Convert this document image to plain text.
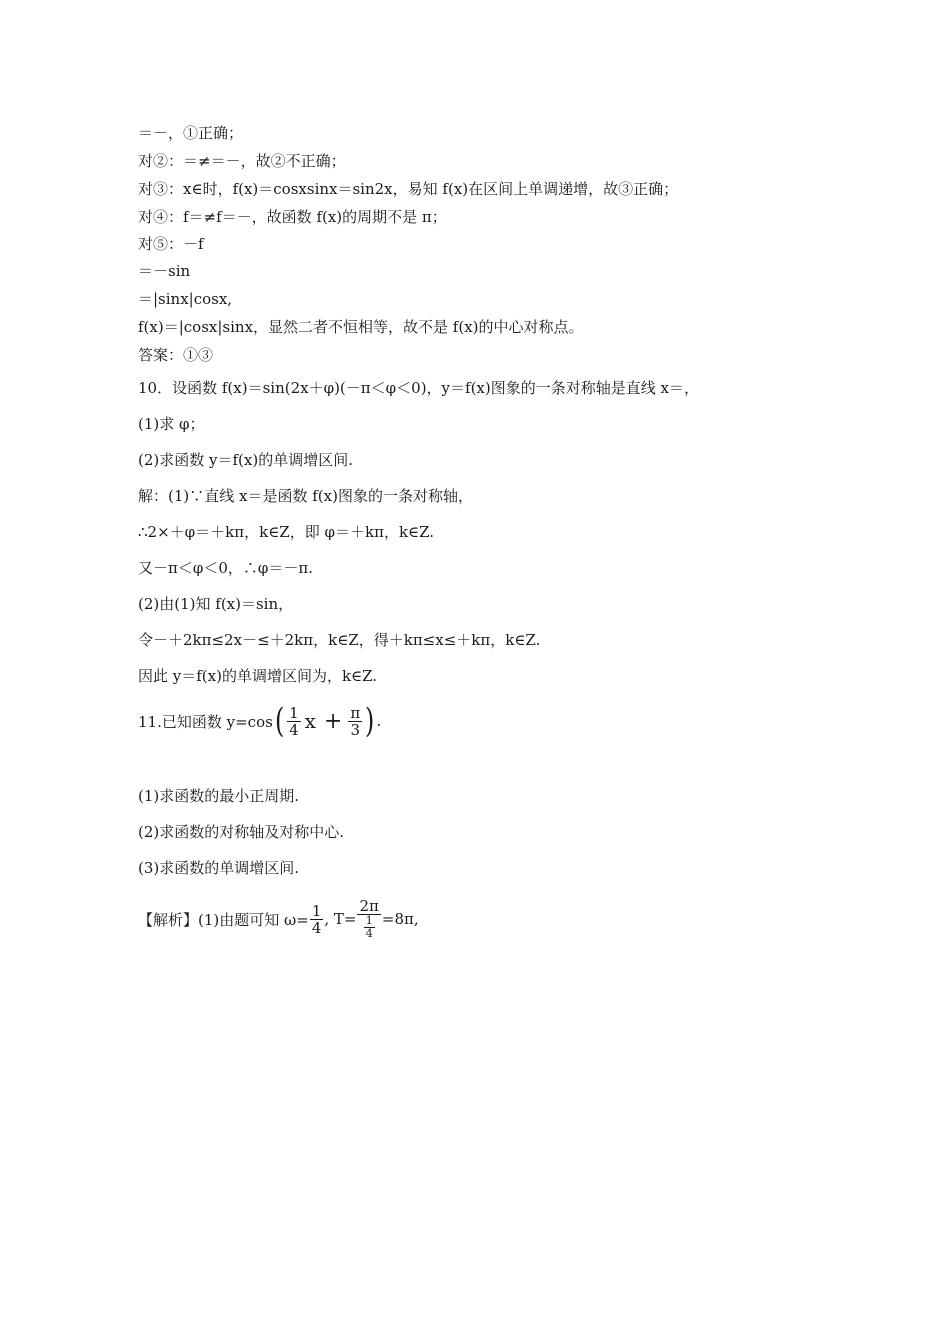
＝－，①正确；
对②：＝≠＝－，故②不正确；
对③：x∈时，f(x)＝cosxsinx＝sin2x，易知 f(x)在区间上单调递增，故③正确；
对④：f＝≠f＝－，故函数 f(x)的周期不是 π；
对⑤：－f
＝－sin
＝|sinx|cosx,
f(x)＝|cosx|sinx，显然二者不恒相等，故不是 f(x)的中心对称点。
答案：①③
10．设函数 f(x)＝sin(2x＋φ)(－π＜φ＜0)，y＝f(x)图象的一条对称轴是直线 x＝，
(1)求 φ；
(2)求函数 y＝f(x)的单调增区间.
解：(1)∵直线 x＝是函数 f(x)图象的一条对称轴，
∴2×＋φ＝＋kπ，k∈Z，即 φ＝＋kπ，k∈Z.
又－π＜φ＜0，∴φ＝－π.
(2)由(1)知 f(x)＝sin，
令－＋2kπ≤2x－≤＋2kπ，k∈Z，得＋kπ≤x≤＋kπ，k∈Z.
因此 y＝f(x)的单调增区间为，k∈Z.
11.已知函数 y=cos ( $\frac{1}{4}$ $x + \frac{\pi}{3}$ ) .
(1)求函数的最小正周期.
(2)求函数的对称轴及对称中心.
(3)求函数的单调增区间.
【解析】(1)由题可知 $\omega= \frac{1}{4}$ , $T= \frac{2\pi}{\frac{1}{4}} =8\pi$,
